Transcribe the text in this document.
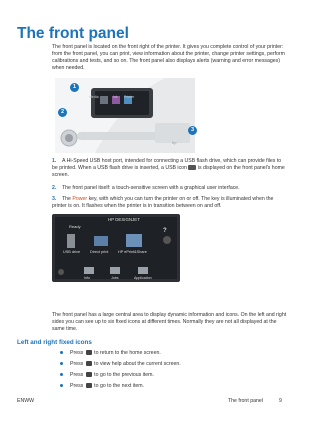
The front panel
The front panel is located on the front right of the printer. It gives you complete control of your printer: from the front panel, you can print, view information about the printer, change printer settings, perform calibrations and tests, and so on. The front panel also displays alerts (warning and error messages) when needed.
Media	Ink Printer
hp
1
2
3
1. A Hi-Speed USB host port, intended for connecting a USB flash drive, which can provide files to be printed. When a USB flash drive is inserted, a USB icon is displayed on the front panel's home screen.
2. The front panel itself: a touch-sensitive screen with a graphical user interface.
3. The Power key, with which you can turn the printer on or off. The key is illuminated when the printer is on. It flashes when the printer is in transition between on and off.
HP DESIGNJET
Ready
?
USB drive	Direct print	HP ePrint&Share
Info	Jobs	Application
The front panel has a large central area to display dynamic information and icons. On the left and right sides you can see up to six fixed icons at different times. Normally they are not all displayed at the same time.
Left and right fixed icons
Press to return to the home screen.
Press to view help about the current screen.
Press to go to the previous item.
Press to go to the next item.
ENWW	The front panel	9
